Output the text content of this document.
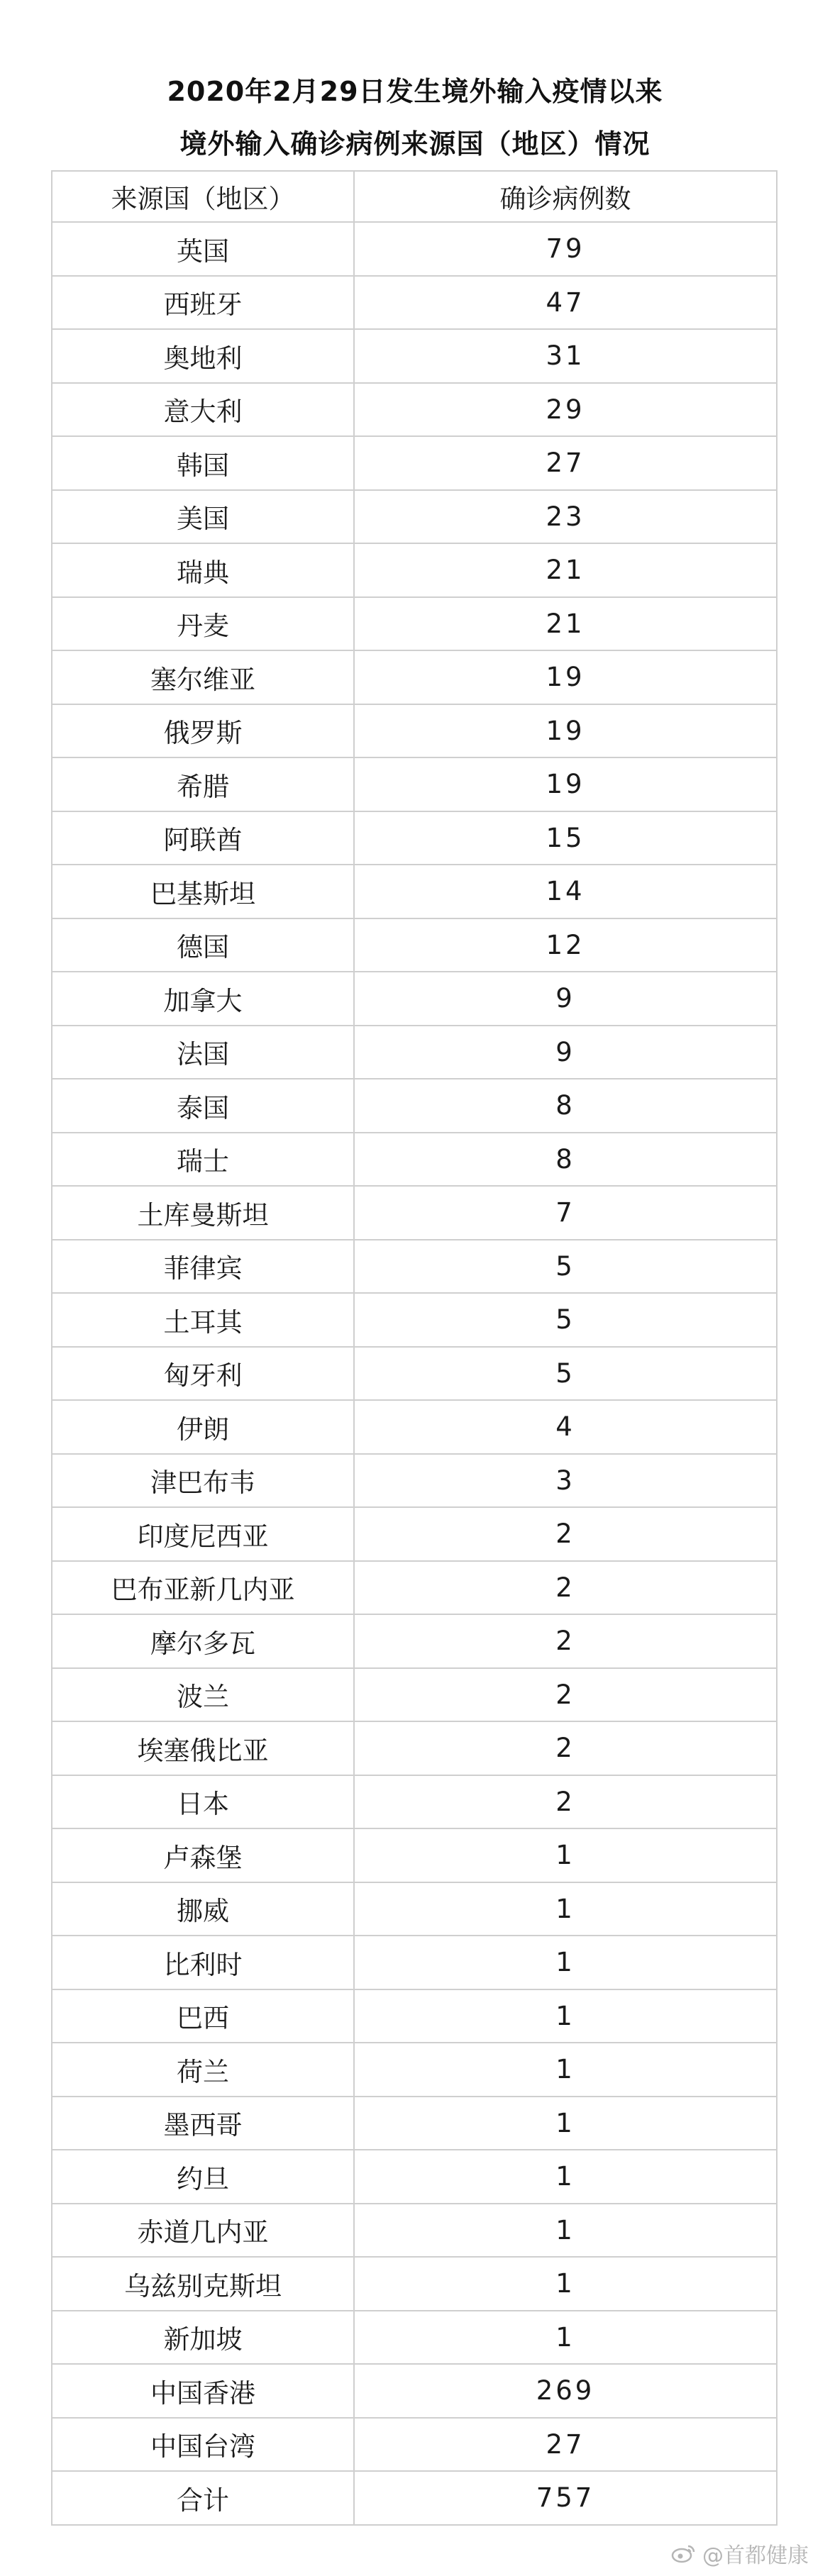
2020年2月29日发生境外输入疫情以来
境外输入确诊病例来源国（地区）情况
来源国（地区）	确诊病例数
英国	79
西班牙	47
奥地利	31
意大利	29
韩国	27
美国	23
瑞典	21
丹麦	21
塞尔维亚	19
俄罗斯	19
希腊	19
阿联酋	15
巴基斯坦	14
德国	12
加拿大	9
法国	9
泰国	8
瑞士	8
土库曼斯坦	7
菲律宾	5
土耳其	5
匈牙利	5
伊朗	4
津巴布韦	3
印度尼西亚	2
巴布亚新几内亚	2
摩尔多瓦	2
波兰	2
埃塞俄比亚	2
日本	2
卢森堡	1
挪威	1
比利时	1
巴西	1
荷兰	1
墨西哥	1
约旦	1
赤道几内亚	1
乌兹别克斯坦	1
新加坡	1
中国香港	269
中国台湾	27
合计	757
@首都健康
